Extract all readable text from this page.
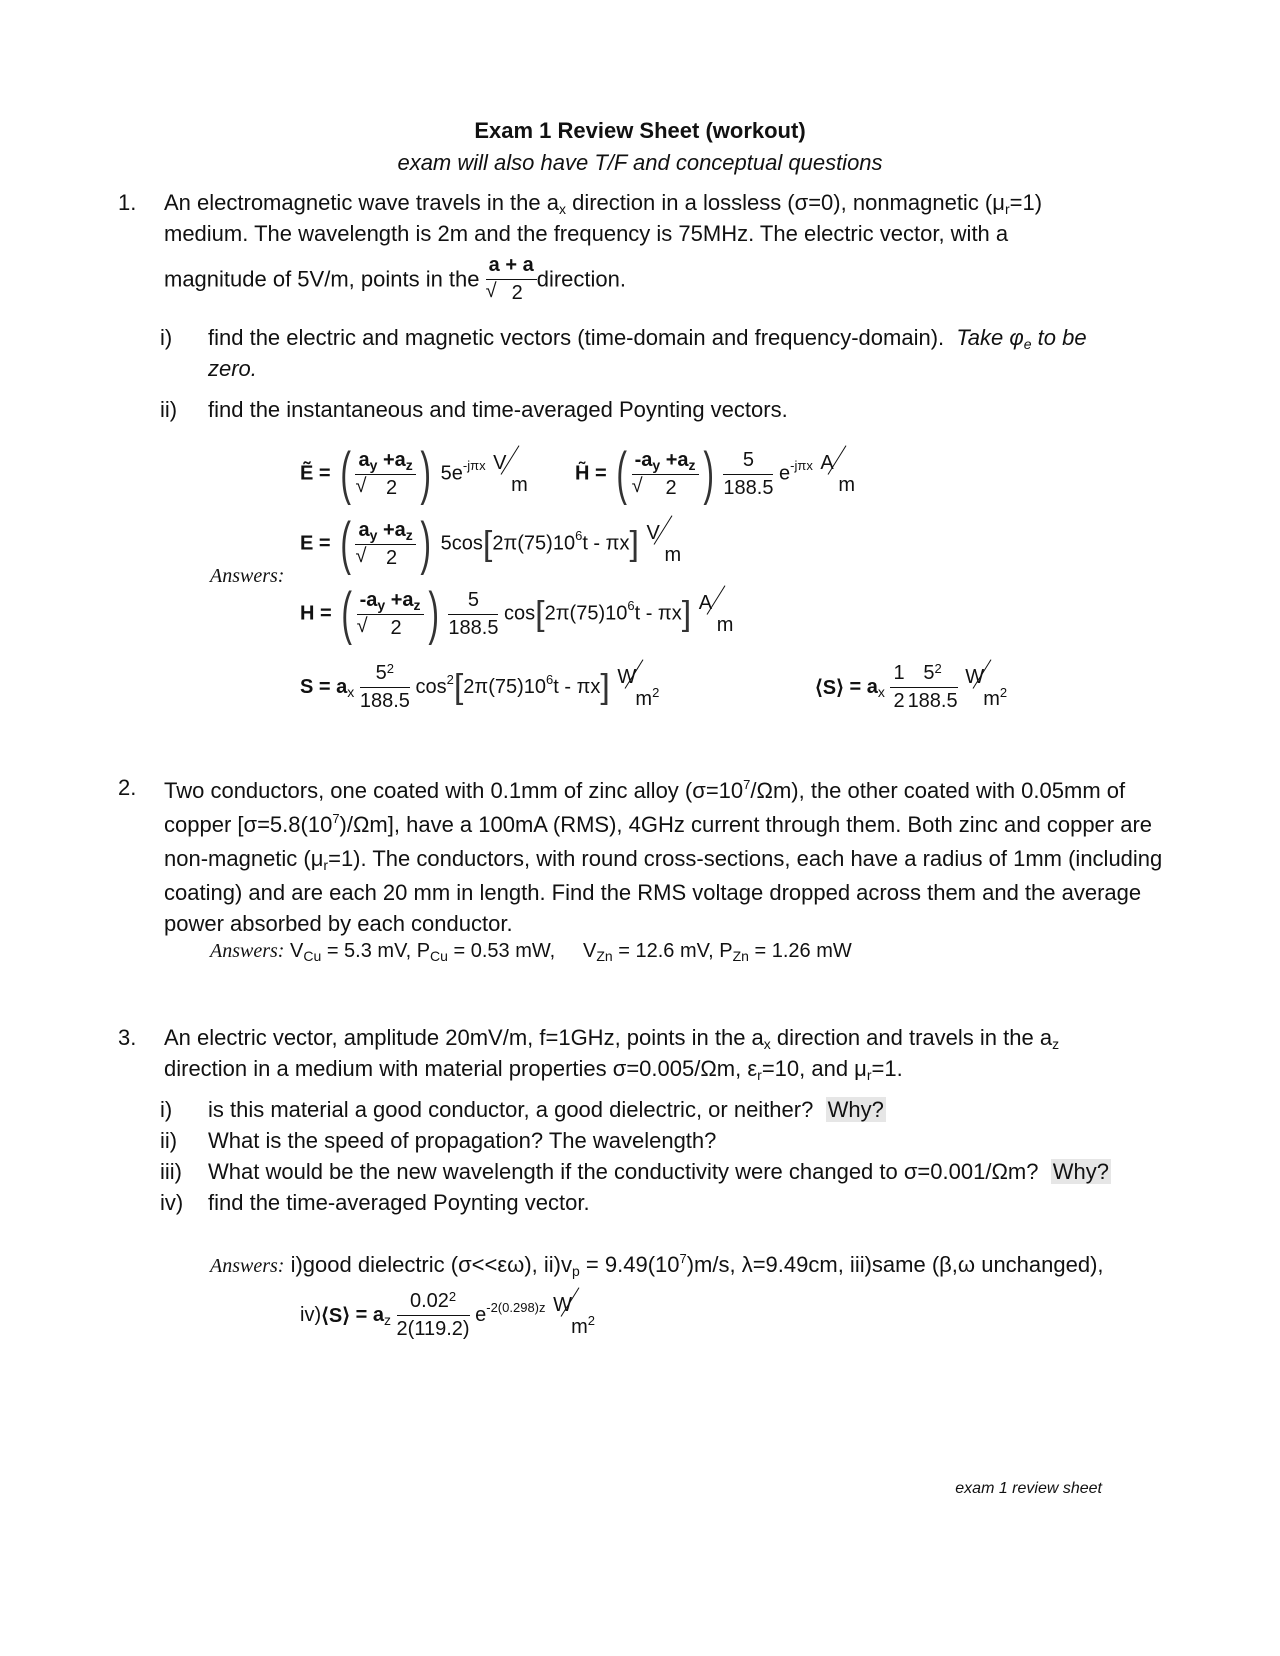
Exam 1 Review Sheet (workout)
exam will also have T/F and conceptual questions
1. An electromagnetic wave travels in the ax direction in a lossless (σ=0), nonmagnetic (μr=1)
medium. The wavelength is 2m and the frequency is 75MHz. The electric vector, with a
magnitude of 5V/m, points in the a + a
√ 2 direction.
i) find the electric and magnetic vectors (time-domain and frequency-domain). Take φe to be
zero.
ii) find the instantaneous and time-averaged Poynting vectors.
Answers:
Ẽ = ( $a_y +a_z$
√ 2 ) $5e^{-j\pi x}$ V
m
H̃ = ( $-a_y +a_z$
√ 2 ) $\frac{5}{188.5} e^{-j\pi x}$ A
m
E = ( $a_y +a_z$
√ 2 ) $5\cos[2\pi(75)10^6t - \pi x]$ V
m
H = ( $-a_y +a_z$
√ 2 ) $\frac{5}{188.5} \cos[2\pi(75)10^6t - \pi x]$ A
m
$S = a_x \frac{5^2}{188.5} \cos^2[2\pi(75)10^6t - \pi x]$ W
$m^2$	⟨S⟩ = $a_x \frac{1}{2} \frac{5^2}{188.5}$
W
$m^2$
2. Two conductors, one coated with 0.1mm of zinc alloy $(\sigma=10^7/\Omega m)$, the other coated with 0.05mm of copper $[\sigma=5.8(10^7)/\Omega m]$, have a 100mA (RMS), 4GHz current through them. Both zinc and copper are non-magnetic (μr=1). The conductors, with round cross-sections, each have a radius of 1mm (including coating) and are each 20 mm in length. Find the RMS voltage dropped across them and the average power absorbed by each conductor.
Answers: $V_{Cu} = 5.3$ mV, $P_{Cu} = 0.53$ mW, $V_{Zn} = 12.6$ mV, $P_{Zn} = 1.26$ mW
3. An electric vector, amplitude 20mV/m, f=1GHz, points in the ax direction and travels in the az
direction in a medium with material properties σ=0.005/Ωm, εr=10, and μr=1.
i) is this material a good conductor, a good dielectric, or neither? Why?
ii) What is the speed of propagation? The wavelength?
iii) What would be the new wavelength if the conductivity were changed to σ=0.001/Ωm? Why?
iv) find the time-averaged Poynting vector.
Answers: i)good dielectric (σ<<εω), $ii)vp = 9.49(10^7)m/s$, λ=9.49cm, iii)same (β,ω unchanged),
iv)⟨S⟩ = $a_z \frac{0.02^2}{2(119.2)} e^{-2(0.298)z}$ W
$m^2$
exam 1 review sheet
